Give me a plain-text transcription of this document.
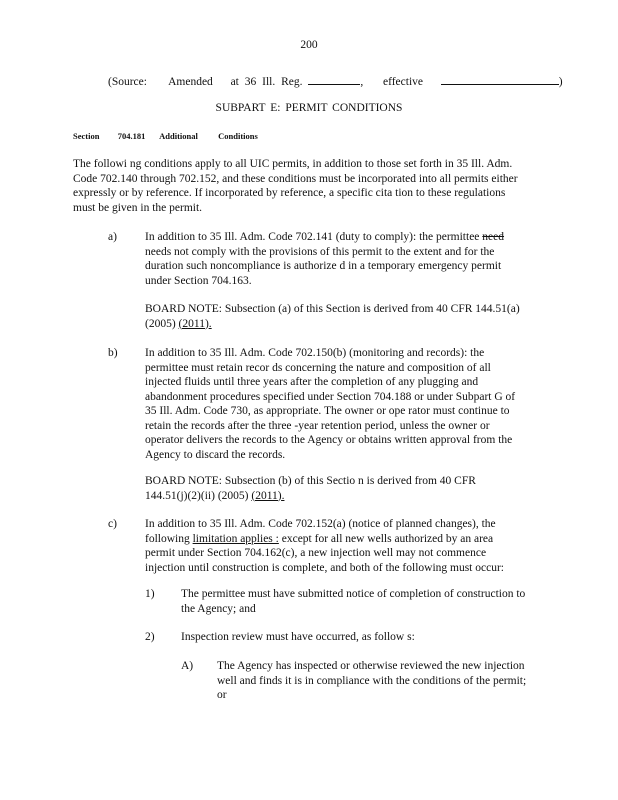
200
(Source: Amended at 36 Ill. Reg.	, effective	)
SUBPART E: PERMIT CONDITIONS
Section 704.181 Additional Conditions
The followi ng conditions apply to all UIC permits, in addition to those set forth in 35 Ill. Adm.
Code 702.140 through 702.152, and these conditions must be incorporated into all permits either
expressly or by reference. If incorporated by reference, a specific cita tion to these regulations
must be given in the permit.
a) In addition to 35 Ill. Adm. Code 702.141 (duty to comply): the permittee need
needs not comply with the provisions of this permit to the extent and for the
duration such noncompliance is authorize d in a temporary emergency permit
under Section 704.163.
BOARD NOTE: Subsection (a) of this Section is derived from 40 CFR 144.51(a)
(2005) (2011).
b) In addition to 35 Ill. Adm. Code 702.150(b) (monitoring and records): the
permittee must retain recor ds concerning the nature and composition of all
injected fluids until three years after the completion of any plugging and
abandonment procedures specified under Section 704.188 or under Subpart G of
35 Ill. Adm. Code 730, as appropriate. The owner or ope rator must continue to
retain the records after the three -year retention period, unless the owner or
operator delivers the records to the Agency or obtains written approval from the
Agency to discard the records.
BOARD NOTE: Subsection (b) of this Sectio n is derived from 40 CFR
144.51(j)(2)(ii) (2005) (2011).
c) In addition to 35 Ill. Adm. Code 702.152(a) (notice of planned changes), the
following limitation applies : except for all new wells authorized by an area
permit under Section 704.162(c), a new injection well may not commence
injection until construction is complete, and both of the following must occur:
1) The permittee must have submitted notice of completion of construction to
the Agency; and
2) Inspection review must have occurred, as follow s:
A) The Agency has inspected or otherwise reviewed the new injection
well and finds it is in compliance with the conditions of the permit;
or
